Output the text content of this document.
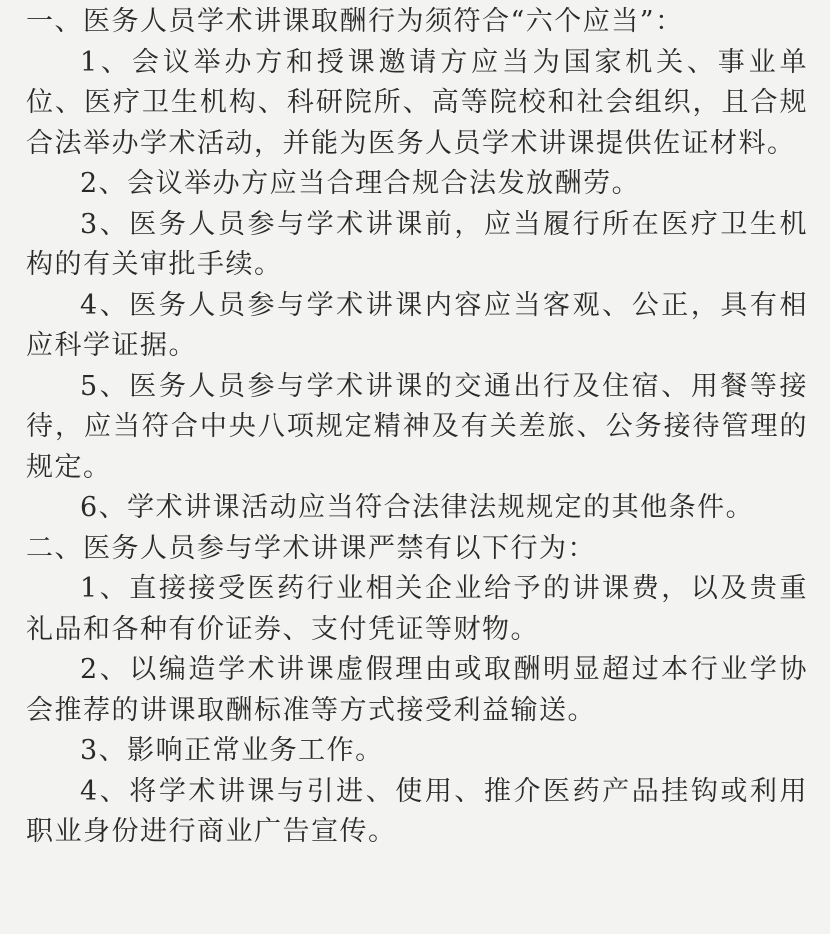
一、医务人员学术讲课取酬行为须符合“六个应当”：

1、会议举办方和授课邀请方应当为国家机关、事业单位、医疗卫生机构、科研院所、高等院校和社会组织，且合规合法举办学术活动，并能为医务人员学术讲课提供佐证材料。

2、会议举办方应当合理合规合法发放酬劳。

3、医务人员参与学术讲课前，应当履行所在医疗卫生机构的有关审批手续。

4、医务人员参与学术讲课内容应当客观、公正，具有相应科学证据。

5、医务人员参与学术讲课的交通出行及住宿、用餐等接待，应当符合中央八项规定精神及有关差旅、公务接待管理的规定。

6、学术讲课活动应当符合法律法规规定的其他条件。

二、医务人员参与学术讲课严禁有以下行为：

1、直接接受医药行业相关企业给予的讲课费，以及贵重礼品和各种有价证券、支付凭证等财物。

2、以编造学术讲课虚假理由或取酬明显超过本行业学协会推荐的讲课取酬标准等方式接受利益输送。

3、影响正常业务工作。

4、将学术讲课与引进、使用、推介医药产品挂钩或利用职业身份进行商业广告宣传。
